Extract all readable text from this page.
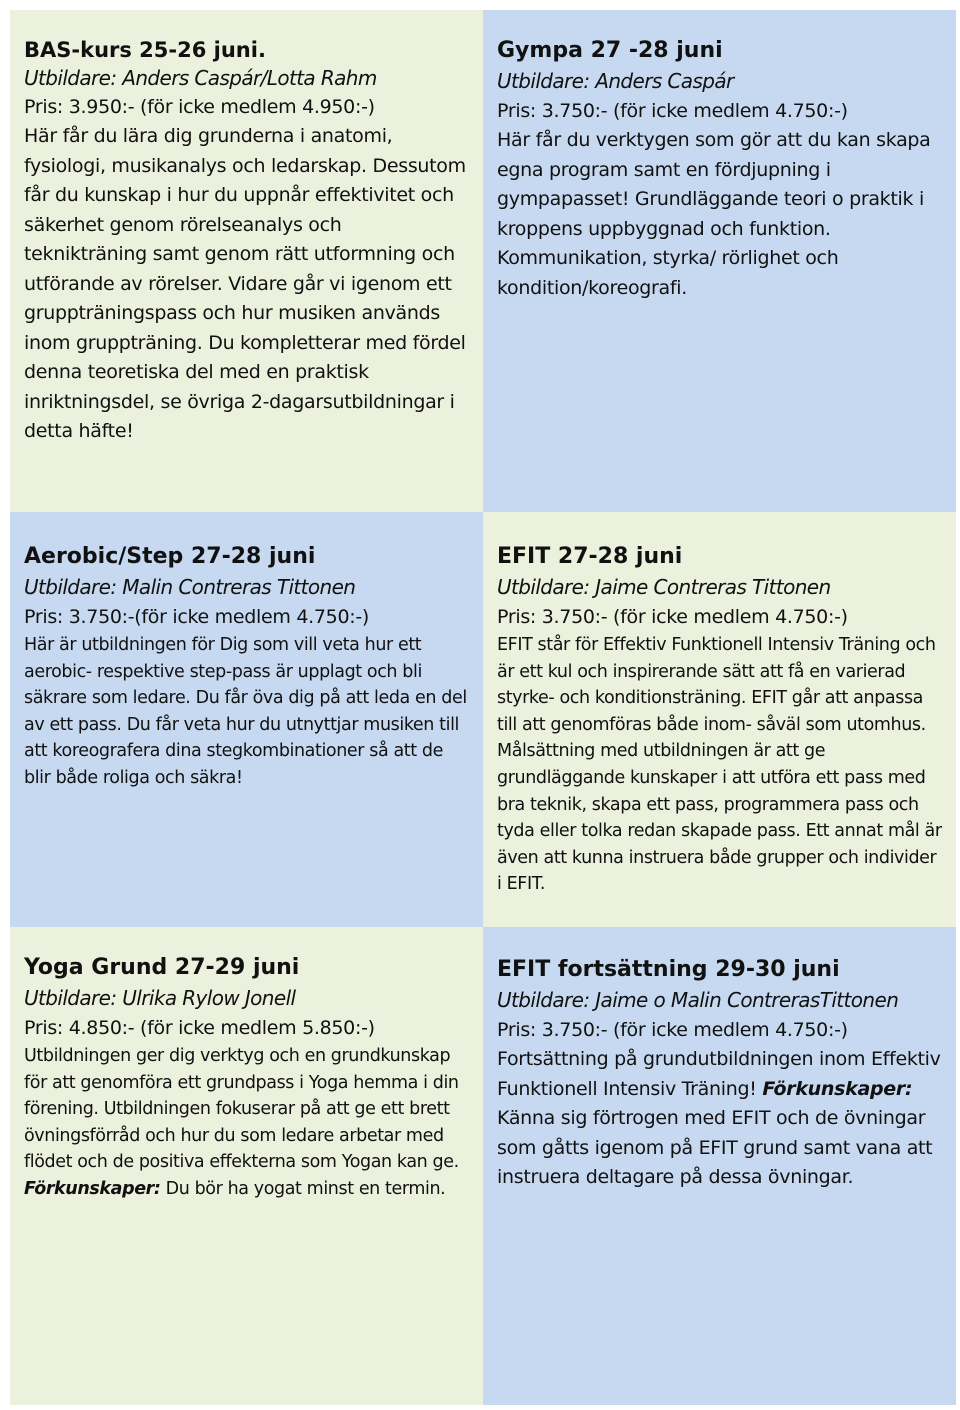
BAS-kurs 25-26 juni.
Utbildare: Anders Caspár/Lotta Rahm
Pris: 3.950:- (för icke medlem 4.950:-)
Här får du lära dig grunderna i anatomi, fysiologi, musikanalys och ledarskap. Dessutom får du kunskap i hur du uppnår effektivitet och säkerhet genom rörelseanalys och teknikträning samt genom rätt utformning och utförande av rörelser. Vidare går vi igenom ett gruppträningspass och hur musiken används inom gruppträning. Du kompletterar med fördel denna teoretiska del med en praktisk inriktningsdel, se övriga 2-dagarsutbildningar i detta häfte!
Gympa 27 -28 juni
Utbildare: Anders Caspár
Pris: 3.750:- (för icke medlem 4.750:-)
Här får du verktygen som gör att du kan skapa egna program samt en fördjupning i gympapasset! Grundläggande teori o praktik i kroppens uppbyggnad och funktion. Kommunikation, styrka/ rörlighet och kondition/koreografi.
Aerobic/Step 27-28 juni
Utbildare: Malin Contreras Tittonen
Pris: 3.750:-(för icke medlem 4.750:-)
Här är utbildningen för Dig som vill veta hur ett aerobic- respektive step-pass är upplagt och bli säkrare som ledare. Du får öva dig på att leda en del av ett pass. Du får veta hur du utnyttjar musiken till att koreografera dina stegkombinationer så att de blir både roliga och säkra!
EFIT 27-28 juni
Utbildare: Jaime Contreras Tittonen
Pris: 3.750:- (för icke medlem 4.750:-)
EFIT står för Effektiv Funktionell Intensiv Träning och är ett kul och inspirerande sätt att få en varierad styrke- och konditionsträning. EFIT går att anpassa till att genomföras både inom- såväl som utomhus. Målsättning med utbildningen är att ge grundläggande kunskaper i att utföra ett pass med bra teknik, skapa ett pass, programmera pass och tyda eller tolka redan skapade pass. Ett annat mål är även att kunna instruera både grupper och individer i EFIT.
Yoga Grund 27-29 juni
Utbildare: Ulrika Rylow Jonell
Pris: 4.850:- (för icke medlem 5.850:-)
Utbildningen ger dig verktyg och en grundkunskap för att genomföra ett grundpass i Yoga hemma i din förening. Utbildningen fokuserar på att ge ett brett övningsförråd och hur du som ledare arbetar med flödet och de positiva effekterna som Yogan kan ge. Förkunskaper: Du bör ha yogat minst en termin.
EFIT fortsättning 29-30 juni
Utbildare: Jaime o Malin ContrerasTittonen
Pris: 3.750:- (för icke medlem 4.750:-)
Fortsättning på grundutbildningen inom Effektiv Funktionell Intensiv Träning! Förkunskaper: Känna sig förtrogen med EFIT och de övningar som gåtts igenom på EFIT grund samt vana att instruera deltagare på dessa övningar.
